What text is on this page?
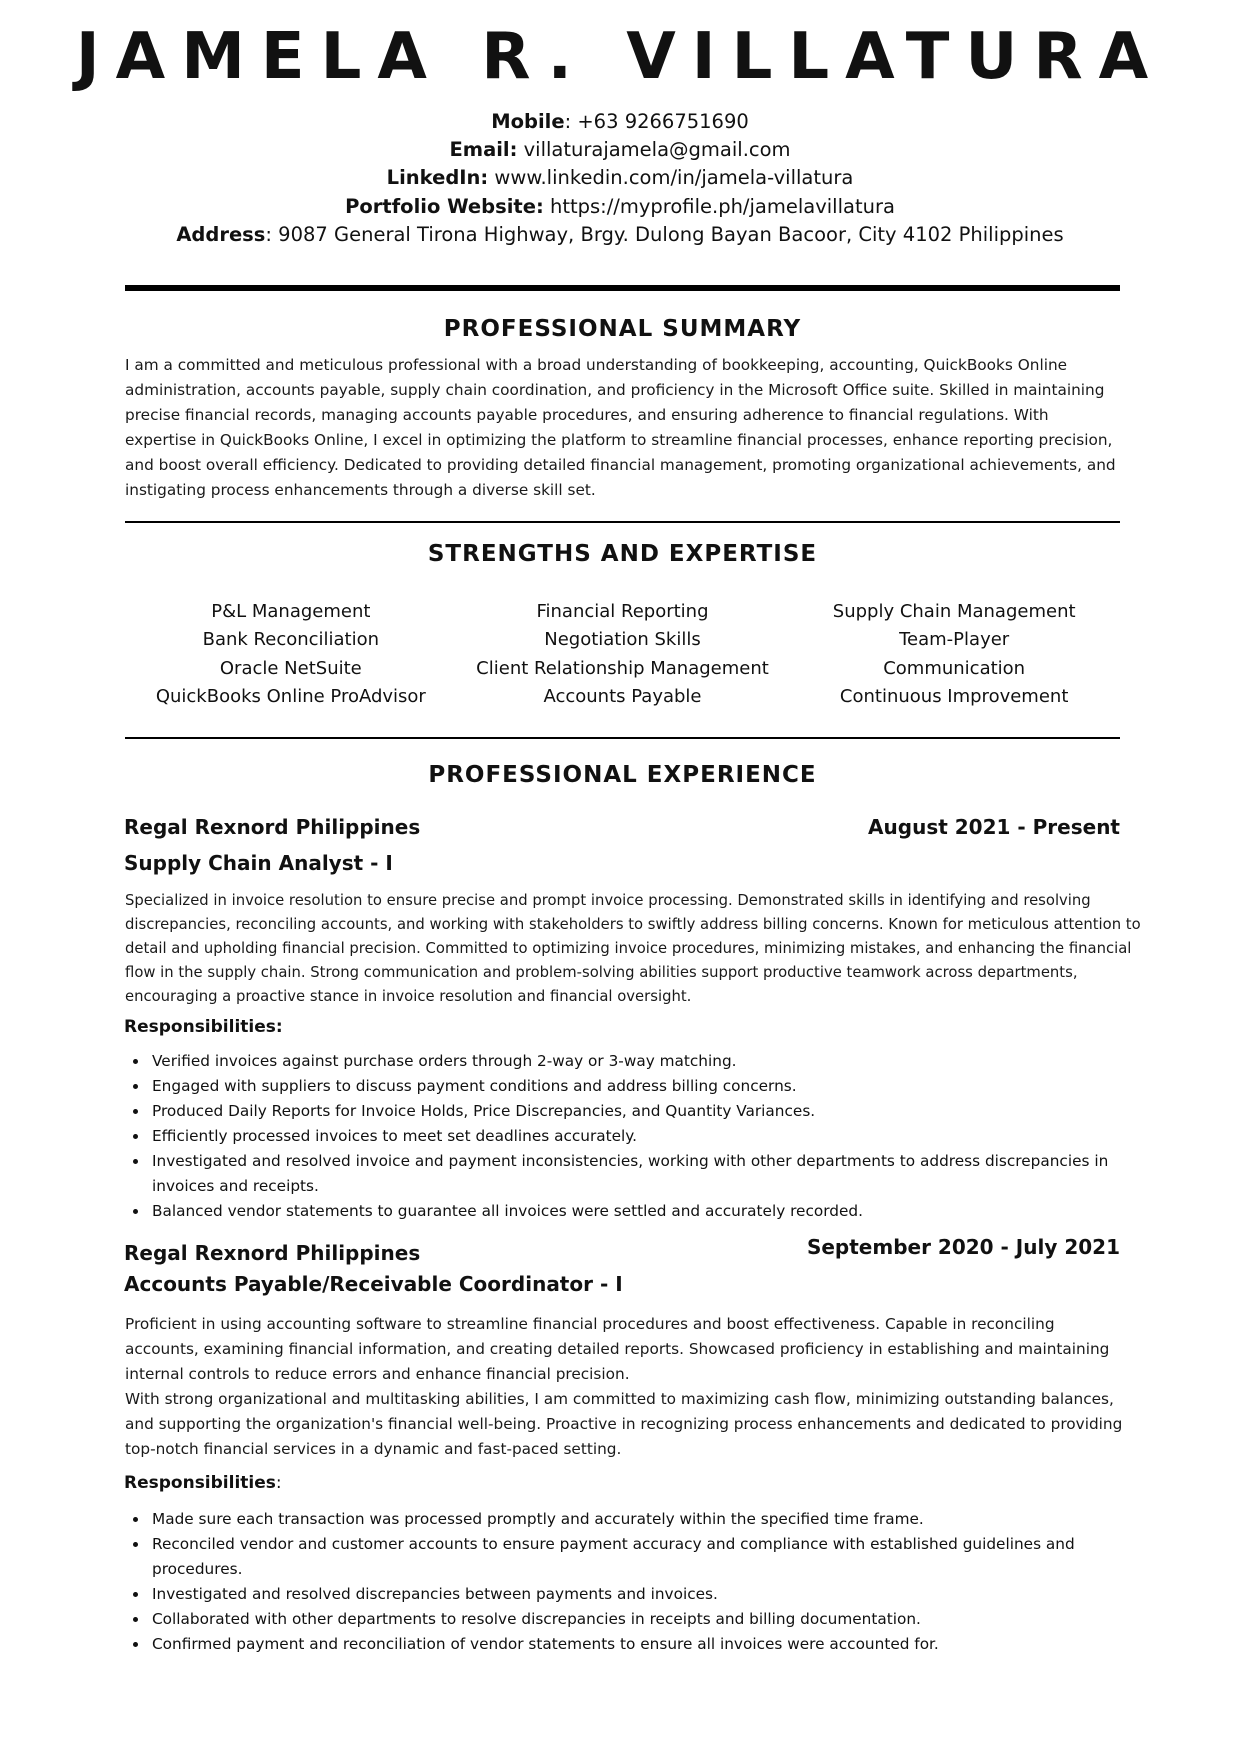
JAMELA R. VILLATURA
Mobile: +63 9266751690
Email: villaturajamela@gmail.com
LinkedIn: www.linkedin.com/in/jamela-villatura
Portfolio Website: https://myprofile.ph/jamelavillatura
Address: 9087 General Tirona Highway, Brgy. Dulong Bayan Bacoor, City 4102 Philippines
PROFESSIONAL SUMMARY

I am a committed and meticulous professional with a broad understanding of bookkeeping, accounting, QuickBooks Online administration, accounts payable, supply chain coordination, and proficiency in the Microsoft Office suite. Skilled in maintaining precise financial records, managing accounts payable procedures, and ensuring adherence to financial regulations. With expertise in QuickBooks Online, I excel in optimizing the platform to streamline financial processes, enhance reporting precision, and boost overall efficiency. Dedicated to providing detailed financial management, promoting organizational achievements, and instigating process enhancements through a diverse skill set.

STRENGTHS AND EXPERTISE
P&L Management
Bank Reconciliation
Oracle NetSuite
QuickBooks Online ProAdvisor
Financial Reporting
Negotiation Skills
Client Relationship Management
Accounts Payable
Supply Chain Management
Team-Player
Communication
Continuous Improvement
PROFESSIONAL EXPERIENCE
Regal Rexnord Philippines	August 2021 - Present
Supply Chain Analyst - I

Specialized in invoice resolution to ensure precise and prompt invoice processing. Demonstrated skills in identifying and resolving discrepancies, reconciling accounts, and working with stakeholders to swiftly address billing concerns. Known for meticulous attention to detail and upholding financial precision. Committed to optimizing invoice procedures, minimizing mistakes, and enhancing the financial flow in the supply chain. Strong communication and problem-solving abilities support productive teamwork across departments, encouraging a proactive stance in invoice resolution and financial oversight.

Responsibilities:
Verified invoices against purchase orders through 2-way or 3-way matching.
Engaged with suppliers to discuss payment conditions and address billing concerns.
Produced Daily Reports for Invoice Holds, Price Discrepancies, and Quantity Variances.
Efficiently processed invoices to meet set deadlines accurately.
Investigated and resolved invoice and payment inconsistencies, working with other departments to address discrepancies in invoices and receipts.
Balanced vendor statements to guarantee all invoices were settled and accurately recorded.
Regal Rexnord Philippines	September 2020 - July 2021
Accounts Payable/Receivable Coordinator - I

Proficient in using accounting software to streamline financial procedures and boost effectiveness. Capable in reconciling accounts, examining financial information, and creating detailed reports. Showcased proficiency in establishing and maintaining internal controls to reduce errors and enhance financial precision.

With strong organizational and multitasking abilities, I am committed to maximizing cash flow, minimizing outstanding balances, and supporting the organization's financial well-being. Proactive in recognizing process enhancements and dedicated to providing top-notch financial services in a dynamic and fast-paced setting.

Responsibilities:
Made sure each transaction was processed promptly and accurately within the specified time frame.
Reconciled vendor and customer accounts to ensure payment accuracy and compliance with established guidelines and procedures.
Investigated and resolved discrepancies between payments and invoices.
Collaborated with other departments to resolve discrepancies in receipts and billing documentation.
Confirmed payment and reconciliation of vendor statements to ensure all invoices were accounted for.
